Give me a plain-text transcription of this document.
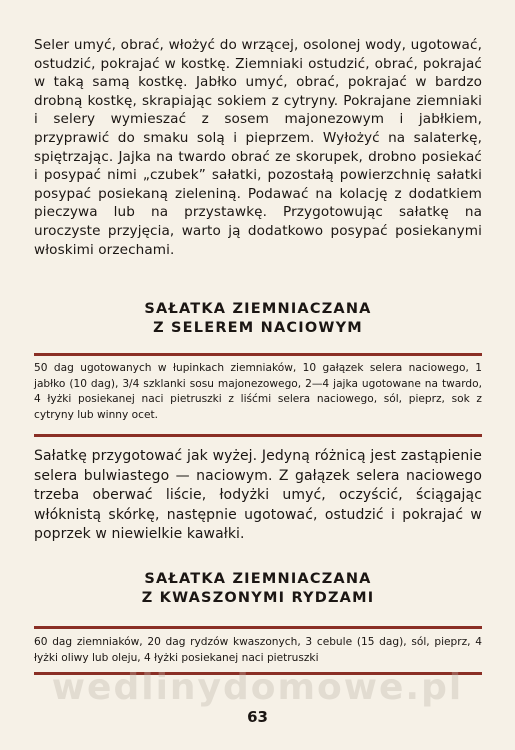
Seler umyć, obrać, włożyć do wrzącej, osolonej wody, ugotować, ostudzić, pokrajać w kostkę. Ziemniaki ostudzić, obrać, pokrajać w taką samą kostkę. Jabłko umyć, obrać, pokrajać w bardzo drobną kostkę, skrapiając sokiem z cytryny. Pokrajane ziemniaki i selery wymieszać z sosem majonezowym i jabłkiem, przyprawić do smaku solą i pieprzem. Wyłożyć na salaterkę, spiętrzając. Jajka na twardo obrać ze skorupek, drobno posiekać i posypać nimi „czubek” sałatki, pozostałą powierzchnię sałatki posypać posiekaną zieleniną. Podawać na kolację z dodatkiem pieczywa lub na przystawkę. Przygotowując sałatkę na uroczyste przyjęcia, warto ją dodatkowo posypać posiekanymi włoskimi orzechami.
SAŁATKA ZIEMNIACZANA
Z SELEREM NACIOWYM
50 dag ugotowanych w łupinkach ziemniaków, 10 gałązek selera naciowego, 1 jabłko (10 dag), 3/4 szklanki sosu majonezowego, 2—4 jajka ugotowane na twardo, 4 łyżki posiekanej naci pietruszki z liśćmi selera naciowego, sól, pieprz, sok z cytryny lub winny ocet.
Sałatkę przygotować jak wyżej. Jedyną różnicą jest zastąpienie selera bulwiastego — naciowym. Z gałązek selera naciowego trzeba oberwać liście, łodyżki umyć, oczyścić, ściągając włóknistą skórkę, następnie ugotować, ostudzić i pokrajać w poprzek w niewielkie kawałki.
SAŁATKA ZIEMNIACZANA
Z KWASZONYMI RYDZAMI
60 dag ziemniaków, 20 dag rydzów kwaszonych, 3 cebule (15 dag), sól, pieprz, 4 łyżki oliwy lub oleju, 4 łyżki posiekanej naci pietruszki
wedlinydomowe.pl
63
